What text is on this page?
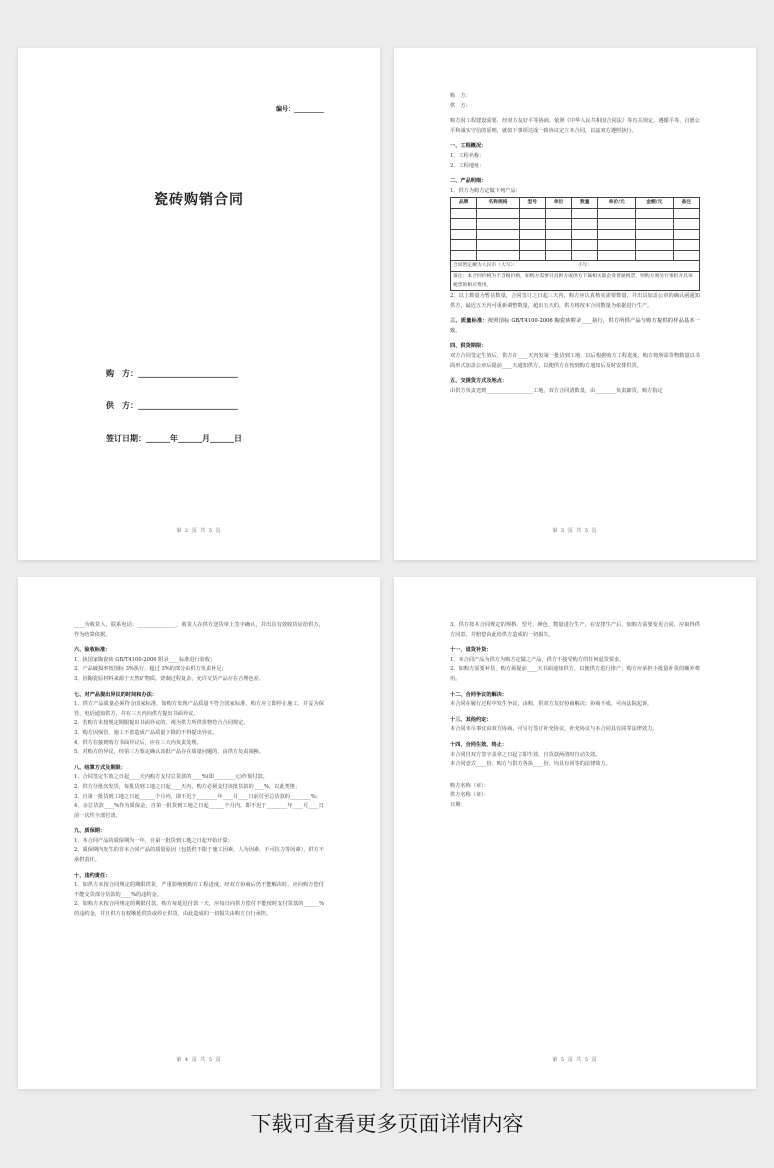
编号：__________
瓷砖购销合同
购　方：_________________________
供　方：_________________________
签订日期：______年______月______日
第 2 页 共 5 页

购　方：

供　方：

购方因工程建设需要，经双方友好平等协商，依照《中华人民共和国合同法》等有关规定，遵循平等、自愿公平和诚实守信的原则，就如下事项达成一致协议定立本合同，以兹双方遵照执行。

一、工程概况：

1、工程名称：

2、工程地址：

二、产品明细：

1、供方为购方定做下列产品：

品牌	名称规格	型号	单位	数量	单价/元	金额/元	备注

合同暂定额为人民币（大写）：　　　　　　　　　　　　　小写：							
备注：本合同价格为不含税价格，如购方需要开具供方或供方下属相关联企业普通税票，则购方须另行承担开具该税票的相应费用。							

2、以上数量为暂估数量，合同签订之日起三天内，购方应认真核实需要数量，并出具加盖公章的确认函通知供方，最迟五天内可重新调整数量，超出五天的，供方将按本合同数量为依据进行生产。

三、质量标准：按照国标 GB/T4100-2006 陶瓷砖附录____执行，供方所供产品与购方提供的样品基本一致。

四、供货期限：

双方合同签定生效后，供方在____天内发第一批货到工地，以后根据购方工程进度，购方将所需货物数量以书面形式加盖公章后提前____天通知供方，以便供方在按到购方通知后及时安排供货。

五、交提货方式及地点：

由供方负责送到__________________工地，双方合同清数量，由________负责卸货，购方指定

第 3 页 共 5 页

____为收货人，联系电话：_______________，收货人在供方送货单上签字确认，并出具有效收货证给供方，作为结算依据。

六、验收标准：

1、执国家陶瓷砖 GB/T4100-2006 附录____标准进行验收；

2、产品破损率按国标 3%执行，超过 3%的部分由供方负责补足；

3、因陶瓷原材料来源于天然矿物质，烧制过程复杂，允许交货产品存在合理色差。

七、对产品提出异议的时间和办法：

1、供方产品质量必须符合国家标准，如购方发现产品质量不符合国家标准，购方应立即停止施工，并妥为保管，电话通知供方，并在三天内向供方提出书面异议。

2、若购方未按规定期限提出书面异议的，视为供方所供货物符合合同规定。

3、购方因保管、施工不善造成产品质量下降的不得提出异议。

4、供方在接到购方书面异议后，应在三天内负责处理。

5、对购方的异议，经第三方鉴定确认该批产品存在质量问题的，由供方负责调换。

八、结算方式及期限：

1、合同签定生效之日起____天内购方支付总货款的____%(即________元)作预付款。

2、供方分批次发货，每批货到工地之日起____天内，购方必须支付该批货款的____%，以此类推；

3、自第一批货到工地之日起______个月内，即不迟于________年____月____日前付至总货款的________%；

4、余总货款____%作为质保金，自第一批货到工地之日起______个月内，即不迟于________年____月____日前一次性全部付清。

九、质保期：

1、本合同产品的质保期为一年，自第一批货到工地之日起开始计算；

2、质保期内发生的非本合同产品的质量原因（包括但不限于施工因素，人为因素，不可抗力等因素），供方不承担责任。

十、违约责任：

1、如供方未按合同规定的期限供货，严重影响到购方工程进度，经双方协商后仍不能解决时，应向购方偿付不能交货部分货款的____%的违约金。

2、如购方未按合同规定的期限付款，购方每延迟付款一天，应每日向供方偿付不能按时支付货款的______%的违约金，并且供方有权顺延供货或停止供货，由此造成的一切损失由购方自行承担。

第 4 页 共 5 页

3、供方按本合同规定的规格、型号、颜色、数量进行生产，在安排生产后，如购方需要变更合同，应取得供方同意，并赔偿由此给供方造成的一切损失。

十一、退货补货：

1、本合同产品为供方为购方定做之产品，供方不接受购方的任何退货要求。

2、如购方需要补货，购方须提前____天书面通知供方，以便供方进行排产；购方应承担小批量补货的额外费用。

十二、合同争议的解决：

本合同在履行过程中发生争议，由购、供双方友好协商解决；协商不成，可向法院起诉。

十三、其他约定：

本合同未尽事宜由双方协商，可另行签订补充协议，补充协议与本合同具有同等法律效力。

十四、合同生效、终止：

本合同自双方签字盖章之日起立即生效，自货款两清时自动失效。

本合同壹式____份，购方与供方各执____份，均具有同等的法律效力。

购方名称（章）：

供方名称（章）：

日期：

第 5 页 共 5 页
下载可查看更多页面详情内容
